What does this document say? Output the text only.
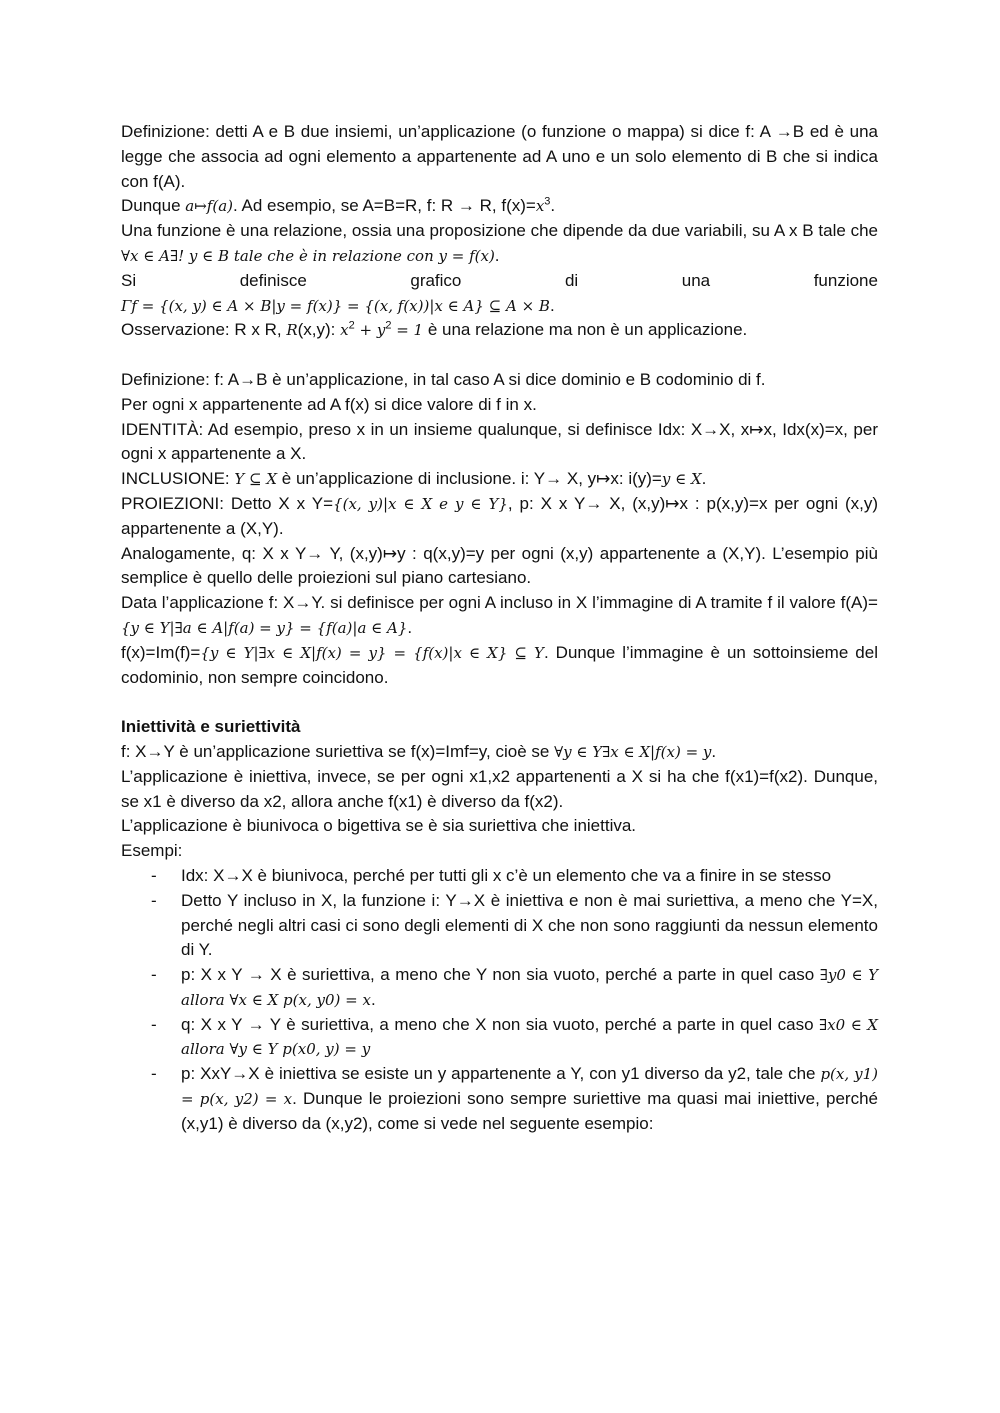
Definizione: detti A e B due insiemi, un’applicazione (o funzione o mappa) si dice f: A →B ed è una legge che associa ad ogni elemento a appartenente ad A uno e un solo elemento di B che si indica con f(A).

Dunque a↦f(a). Ad esempio, se A=B=R, f: R → R, $f(x)=x^3$.

Una funzione è una relazione, ossia una proposizione che dipende da due variabili, su A x B tale che ∀x ∈ A∃! y ∈ B tale che è in relazione con y = f(x).

Si	definisce	grafico	di	una	funzione

Γf = {(x, y) ∈ A × B|y = f(x)} = {(x, f(x))|x ∈ A} ⊆ A × B.

Osservazione: R x R, R(x,y): $x^2 + y^2 = 1$ è una relazione ma non è un applicazione.

Definizione: f: A→B è un’applicazione, in tal caso A si dice dominio e B codominio di f.

Per ogni x appartenente ad A f(x) si dice valore di f in x.

IDENTITÀ: Ad esempio, preso x in un insieme qualunque, si definisce Idx: X→X, x↦x, Idx(x)=x, per ogni x appartenente a X.

INCLUSIONE: Y ⊆ X è un’applicazione di inclusione. i: Y→ X, y↦x: i(y)=y ∈ X.

PROIEZIONI: Detto X x Y={(x, y)|x ∈ X e y ∈ Y}, p: X x Y→ X, (x,y)↦x : p(x,y)=x per ogni (x,y) appartenente a (X,Y).

Analogamente, q: X x Y→ Y, (x,y)↦y : q(x,y)=y per ogni (x,y) appartenente a (X,Y). L’esempio più semplice è quello delle proiezioni sul piano cartesiano.

Data l’applicazione f: X→Y. si definisce per ogni A incluso in X l’immagine di A tramite f il valore f(A)={y ∈ Y|∃a ∈ A|f(a) = y} = {f(a)|a ∈ A}.

f(x)=Im(f)={y ∈ Y|∃x ∈ X|f(x) = y} = {f(x)|x ∈ X} ⊆ Y. Dunque l’immagine è un sottoinsieme del codominio, non sempre coincidono.

Iniettività e suriettività

f: X→Y è un’applicazione suriettiva se f(x)=Imf=y, cioè se ∀y ∈ Y∃x ∈ X|f(x) = y.

L’applicazione è iniettiva, invece, se per ogni x1,x2 appartenenti a X si ha che f(x1)=f(x2). Dunque, se x1 è diverso da x2, allora anche f(x1) è diverso da f(x2).

L’applicazione è biunivoca o bigettiva se è sia suriettiva che iniettiva.

Esempi:

- Idx: X→X è biunivoca, perché per tutti gli x c’è un elemento che va a finire in se stesso
- Detto Y incluso in X, la funzione i: Y→X è iniettiva e non è mai suriettiva, a meno che Y=X, perché negli altri casi ci sono degli elementi di X che non sono raggiunti da nessun elemento di Y.
- p: X x Y → X è suriettiva, a meno che Y non sia vuoto, perché a parte in quel caso ∃y0 ∈ Y allora ∀x ∈ X p(x, y0) = x.
- q: X x Y → Y è suriettiva, a meno che X non sia vuoto, perché a parte in quel caso ∃x0 ∈ X allora ∀y ∈ Y p(x0, y) = y
- p: XxY→X è iniettiva se esiste un y appartenente a Y, con y1 diverso da y2, tale che p(x, y1) = p(x, y2) = x. Dunque le proiezioni sono sempre suriettive ma quasi mai iniettive, perché (x,y1) è diverso da (x,y2), come si vede nel seguente esempio:
